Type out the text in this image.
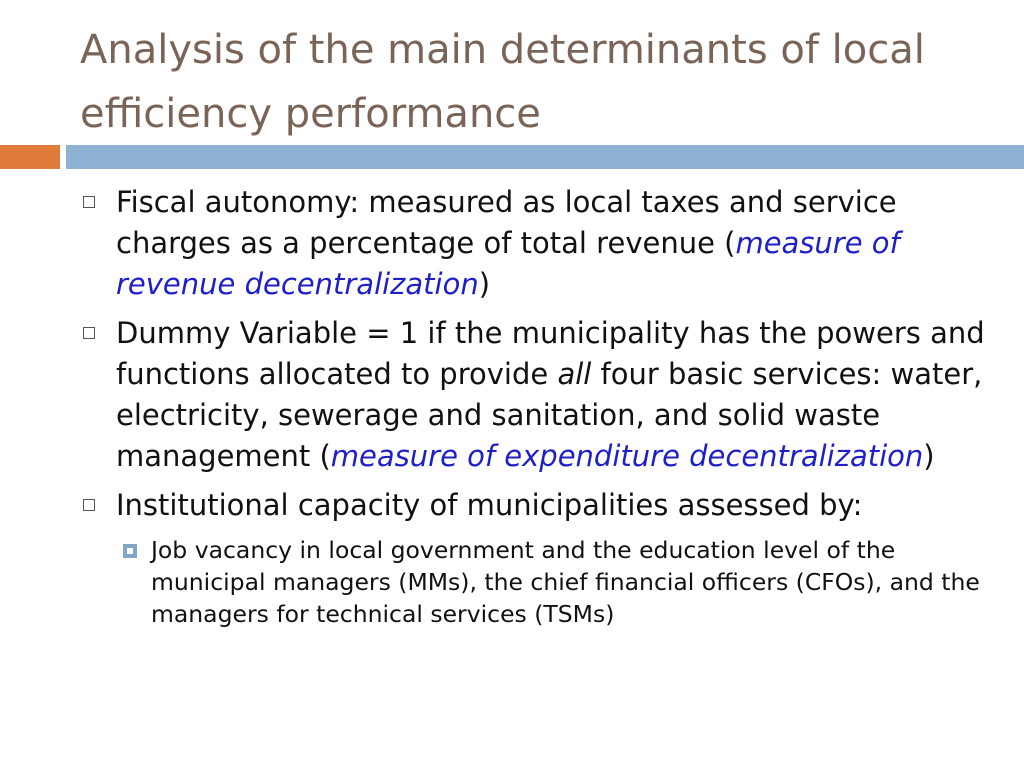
Analysis of the main determinants of local efficiency performance
Fiscal autonomy: measured as local taxes and service charges as a percentage of total revenue (measure of revenue decentralization)
Dummy Variable = 1 if the municipality has the powers and functions allocated to provide all four basic services: water, electricity, sewerage and sanitation, and solid waste management (measure of expenditure decentralization)
Institutional capacity of municipalities assessed by:
Job vacancy in local government and the education level of the municipal managers (MMs), the chief financial officers (CFOs), and the managers for technical services (TSMs)
